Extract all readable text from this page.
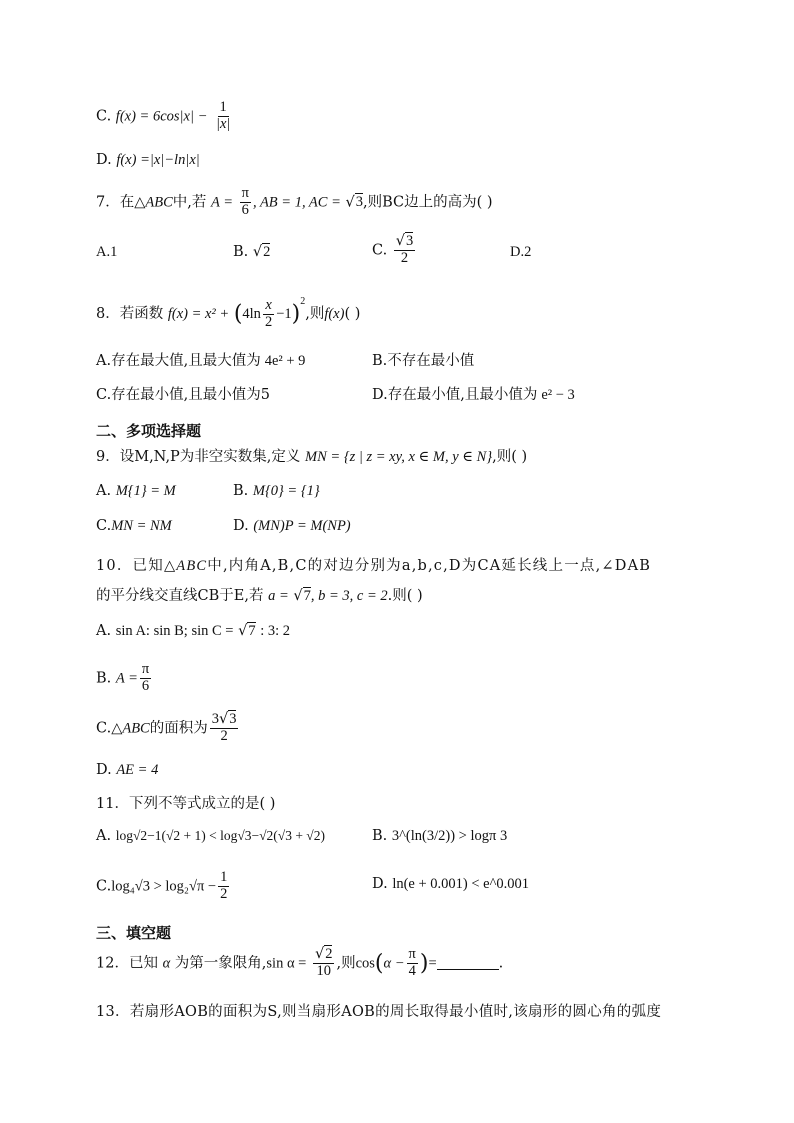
C. $f(x) = 6\cos|x| - \frac{1}{|x|}$
D. f(x) =|x|−ln|x|
7．在△ABC中,若 $A = \frac{\pi}{6}$ , AB = 1, AC = √3,则BC边上的高为( )
A.1	B. √2	C. $\frac{√3}{2}$	D.2
8．若函数 $f(x) = x^2 + (4\ln \frac{x}{2} -1)^2$,则f(x)( )
A.存在最大值,且最大值为 4e² + 9	B.不存在最小值
C.存在最小值,且最小值为5	D.存在最小值,且最小值为 e² − 3
二、多项选择题
9．设M,N,P为非空实数集,定义 MN = {z | z = xy, x ∈ M, y ∈ N},则( )
A. M{1} = M	B. M{0} = {1}
C.MN = NM	D. (MN)P = M(NP)
10．已知△ABC中,内角A,B,C的对边分别为a,b,c,D为CA延长线上一点,∠DAB
的平分线交直线CB于E,若 a = √7, b = 3, c = 2.则( )
A. sin A: sin B; sin C = √7 : 3: 2
B. $A = \frac{\pi}{6}$
C.△ABC的面积为 $\frac{3√3}{2}$
D. AE = 4
11．下列不等式成立的是( )
A. log√2−1(√2 + 1) < log√3−√2(√3 + √2)	B. 3^(ln(3/2)) > logπ 3
$C.\log_4√3 > \log_2√\pi - \frac{1}{2}$	D. ln(e + 0.001) < e^0.001
三、填空题
12．已知 α 为第一象限角,sin $\alpha = \frac{√2}{10}$ ,则$\cos(\alpha - \frac{\pi}{4}$ )=	.
13．若扇形AOB的面积为S,则当扇形AOB的周长取得最小值时,该扇形的圆心角的弧度
